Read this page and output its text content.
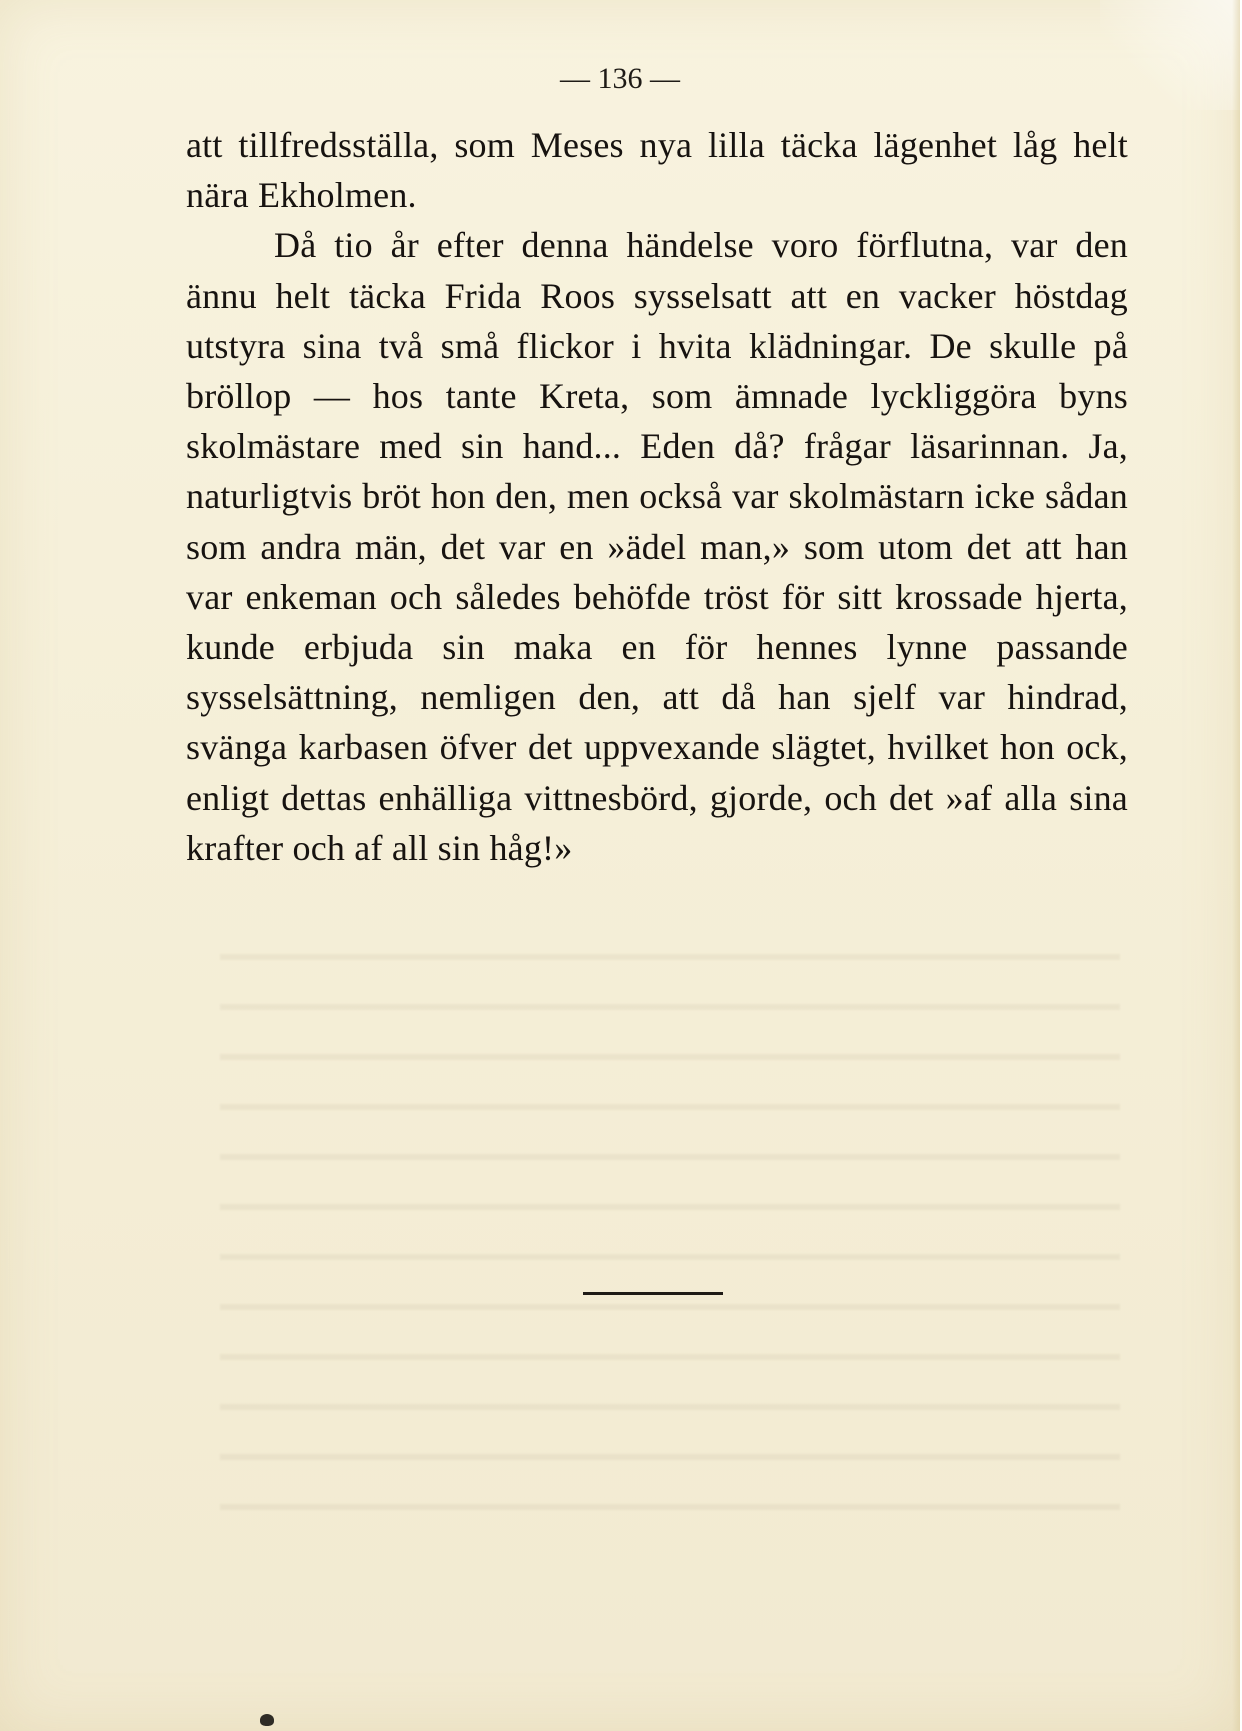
— 136 —

att tillfredsställa, som Meses nya lilla täcka lägenhet låg helt nära Ekholmen.

Då tio år efter denna händelse voro förflutna, var den ännu helt täcka Frida Roos sysselsatt att en vacker höstdag utstyra sina två små flickor i hvita klädningar. De skulle på bröllop — hos tante Kreta, som ämnade lyckliggöra byns skolmästare med sin hand... Eden då? frågar läsarinnan. Ja, naturligtvis bröt hon den, men också var skolmästarn icke sådan som andra män, det var en »ädel man,» som utom det att han var enkeman och således behöfde tröst för sitt krossade hjerta, kunde erbjuda sin maka en för hennes lynne passande sysselsättning, nemligen den, att då han sjelf var hindrad, svänga karbasen öfver det uppvexande slägtet, hvilket hon ock, enligt dettas enhälliga vittnesbörd, gjorde, och det »af alla sina krafter och af all sin håg!»
